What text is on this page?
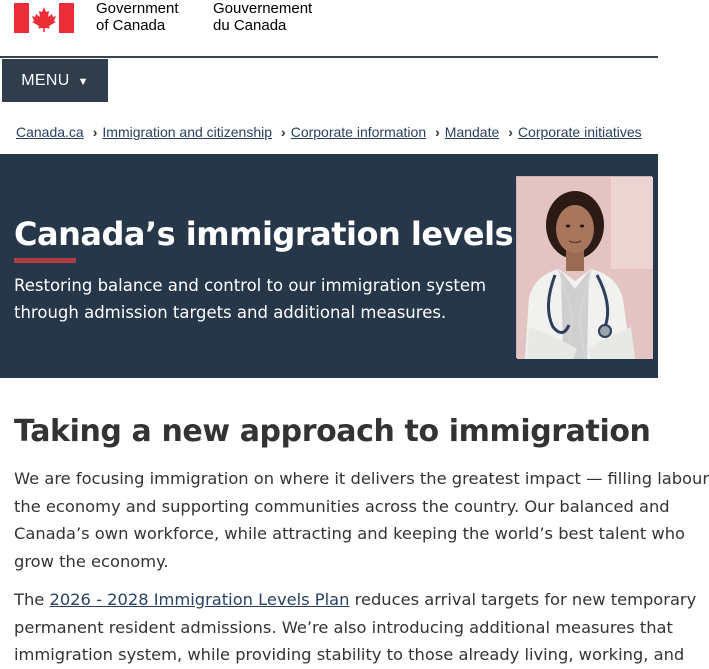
Government
of Canada
Gouvernement
du Canada
MENU ▼
Canada.ca › Immigration and citizenship › Corporate information › Mandate › Corporate initiatives
Canada’s immigration levels

Restoring balance and control to our immigration system
through admission targets and additional measures.

Taking a new approach to immigration

We are focusing immigration on where it delivers the greatest impact — filling labour
the economy and supporting communities across the country. Our balanced and
Canada’s own workforce, while attracting and keeping the world’s best talent who
grow the economy.

The 2026 - 2028 Immigration Levels Plan reduces arrival targets for new temporary
permanent resident admissions. We’re also introducing additional measures that
immigration system, while providing stability to those already living, working, and
